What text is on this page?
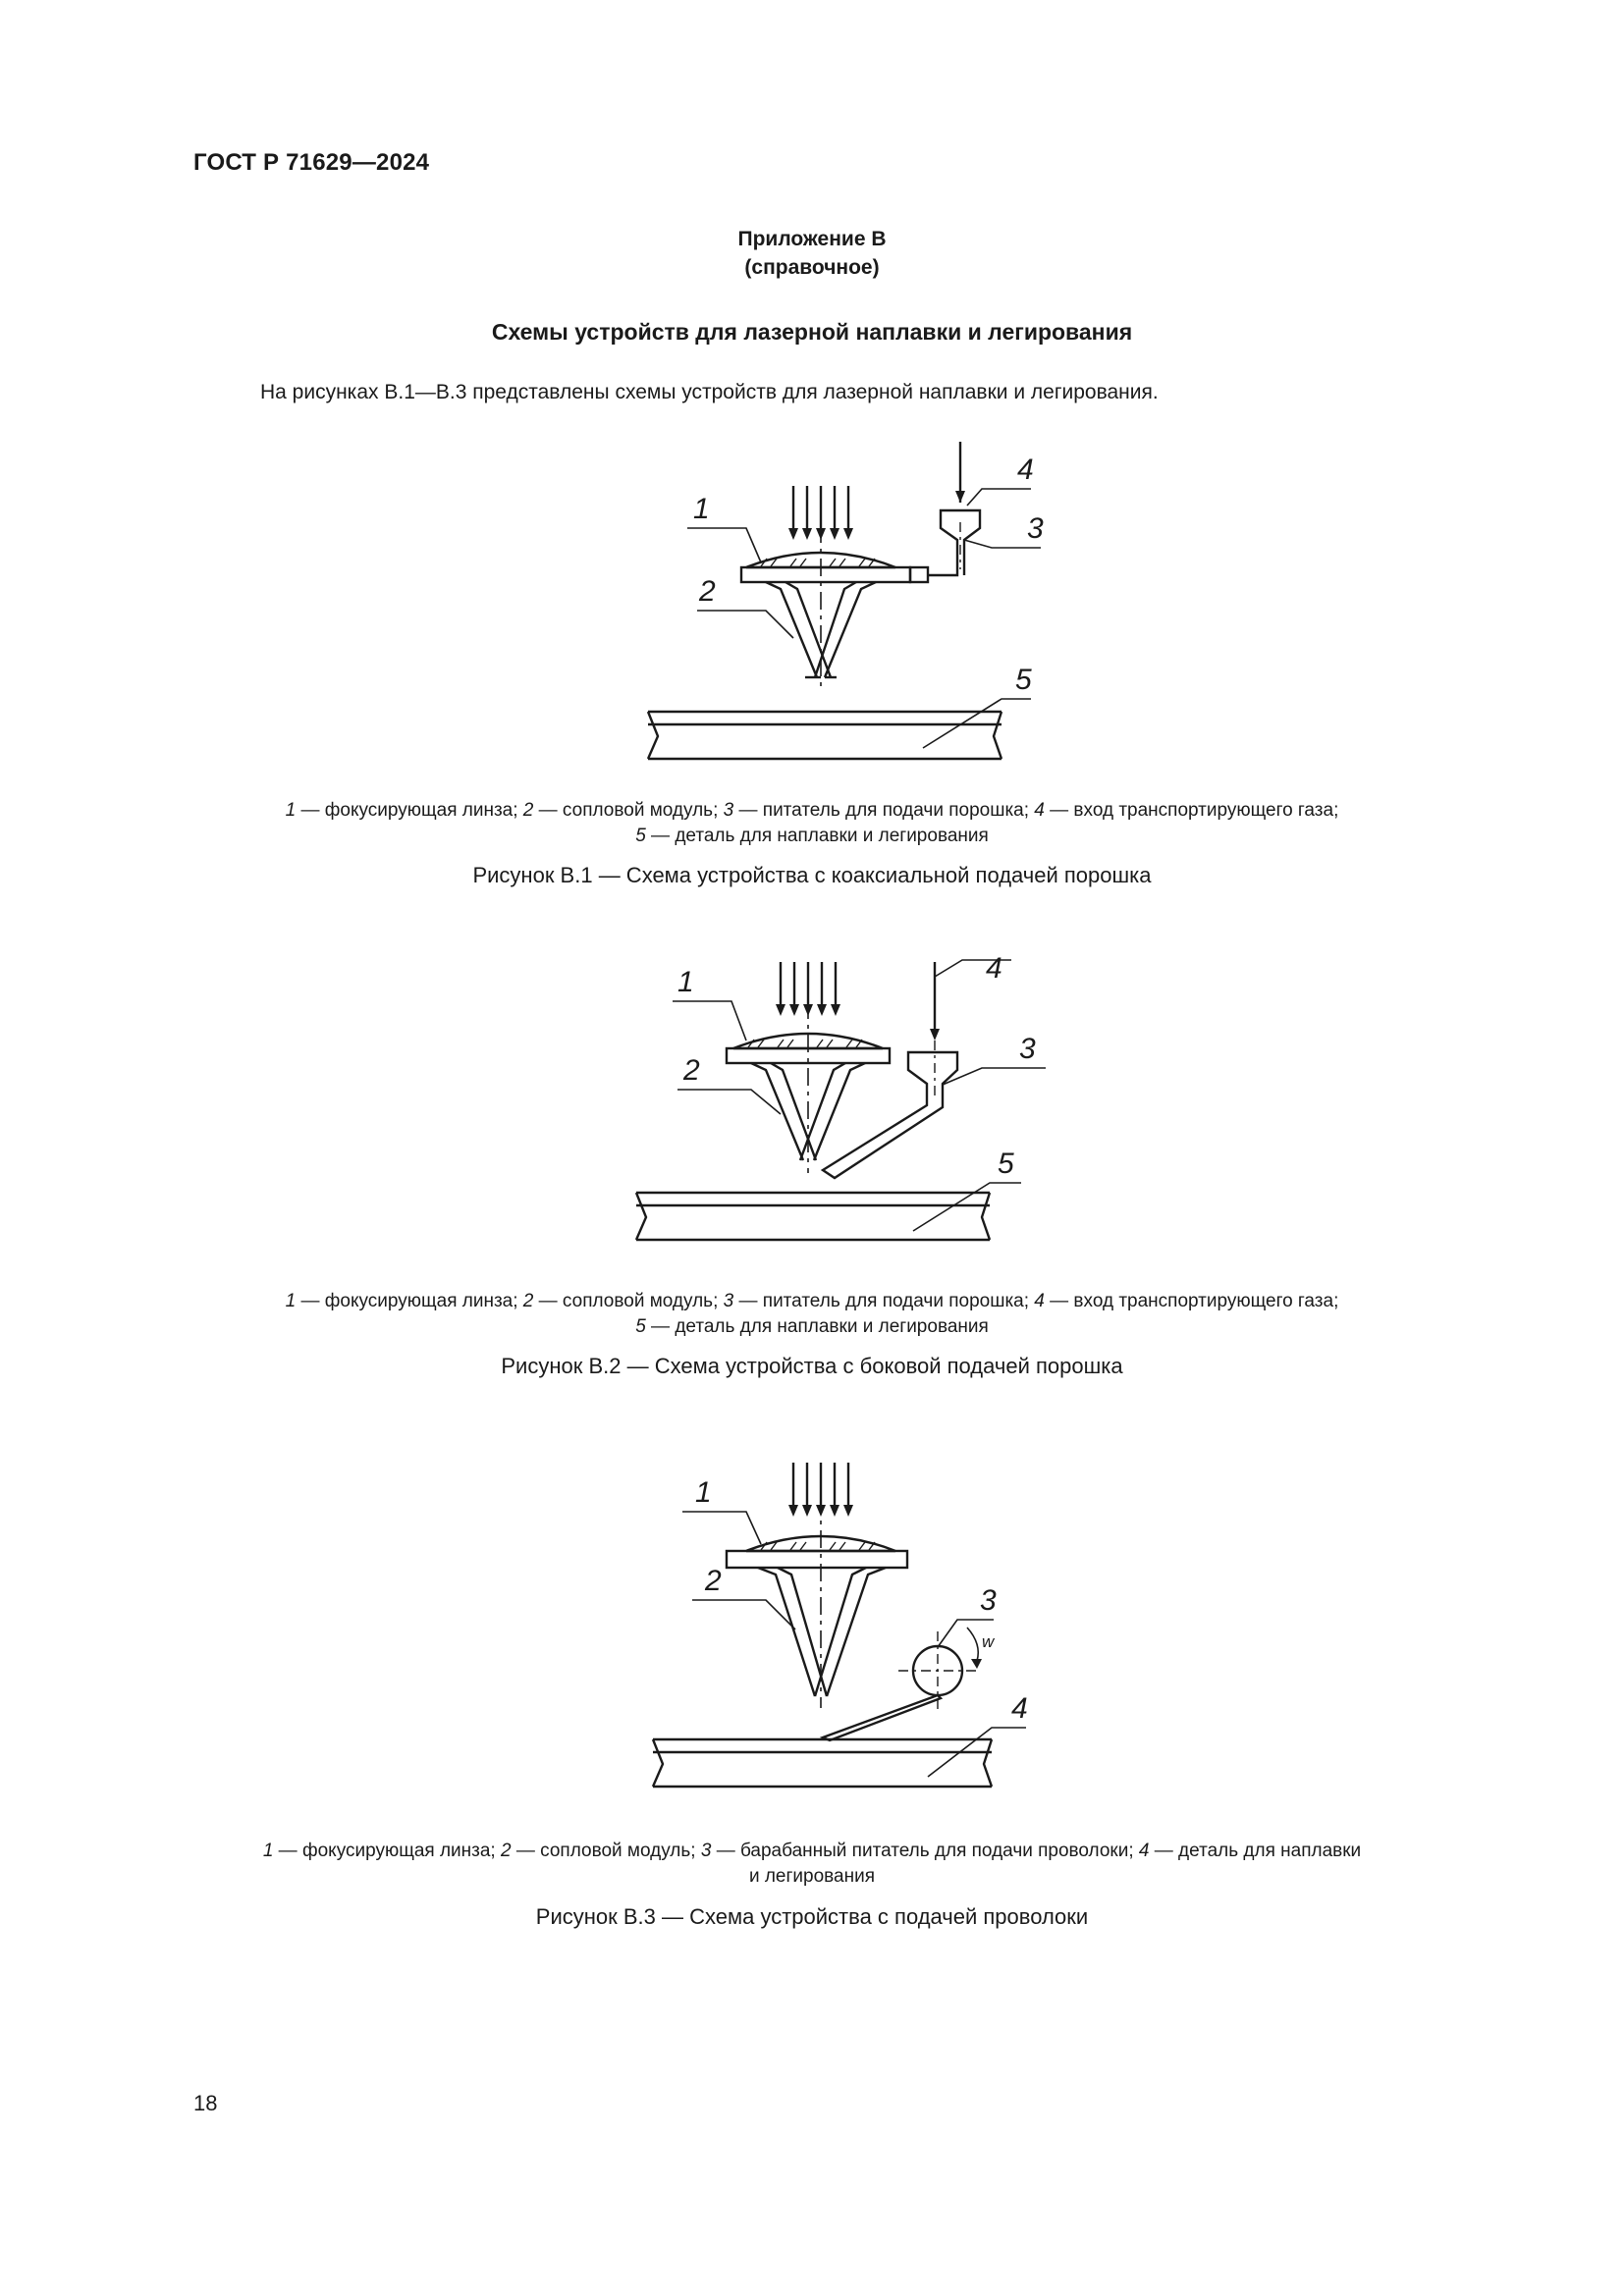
ГОСТ Р 71629—2024
Приложение В
(справочное)
Схемы устройств для лазерной наплавки и легирования
На рисунках В.1—В.3 представлены схемы устройств для лазерной наплавки и легирования.
1
2
3
4
5
1 — фокусирующая линза; 2 — сопловой модуль; 3 — питатель для подачи порошка; 4 — вход транспортирующего газа;
5 — деталь для наплавки и легирования
Рисунок В.1 — Схема устройства с коаксиальной подачей порошка
1
2
3
4
5
1 — фокусирующая линза; 2 — сопловой модуль; 3 — питатель для подачи порошка; 4 — вход транспортирующего газа;
5 — деталь для наплавки и легирования
Рисунок В.2 — Схема устройства с боковой подачей порошка
1
2
3
4
w
1 — фокусирующая линза; 2 — сопловой модуль; 3 — барабанный питатель для подачи проволоки; 4 — деталь для наплавки
и легирования
Рисунок В.3 — Схема устройства с подачей проволоки
18
